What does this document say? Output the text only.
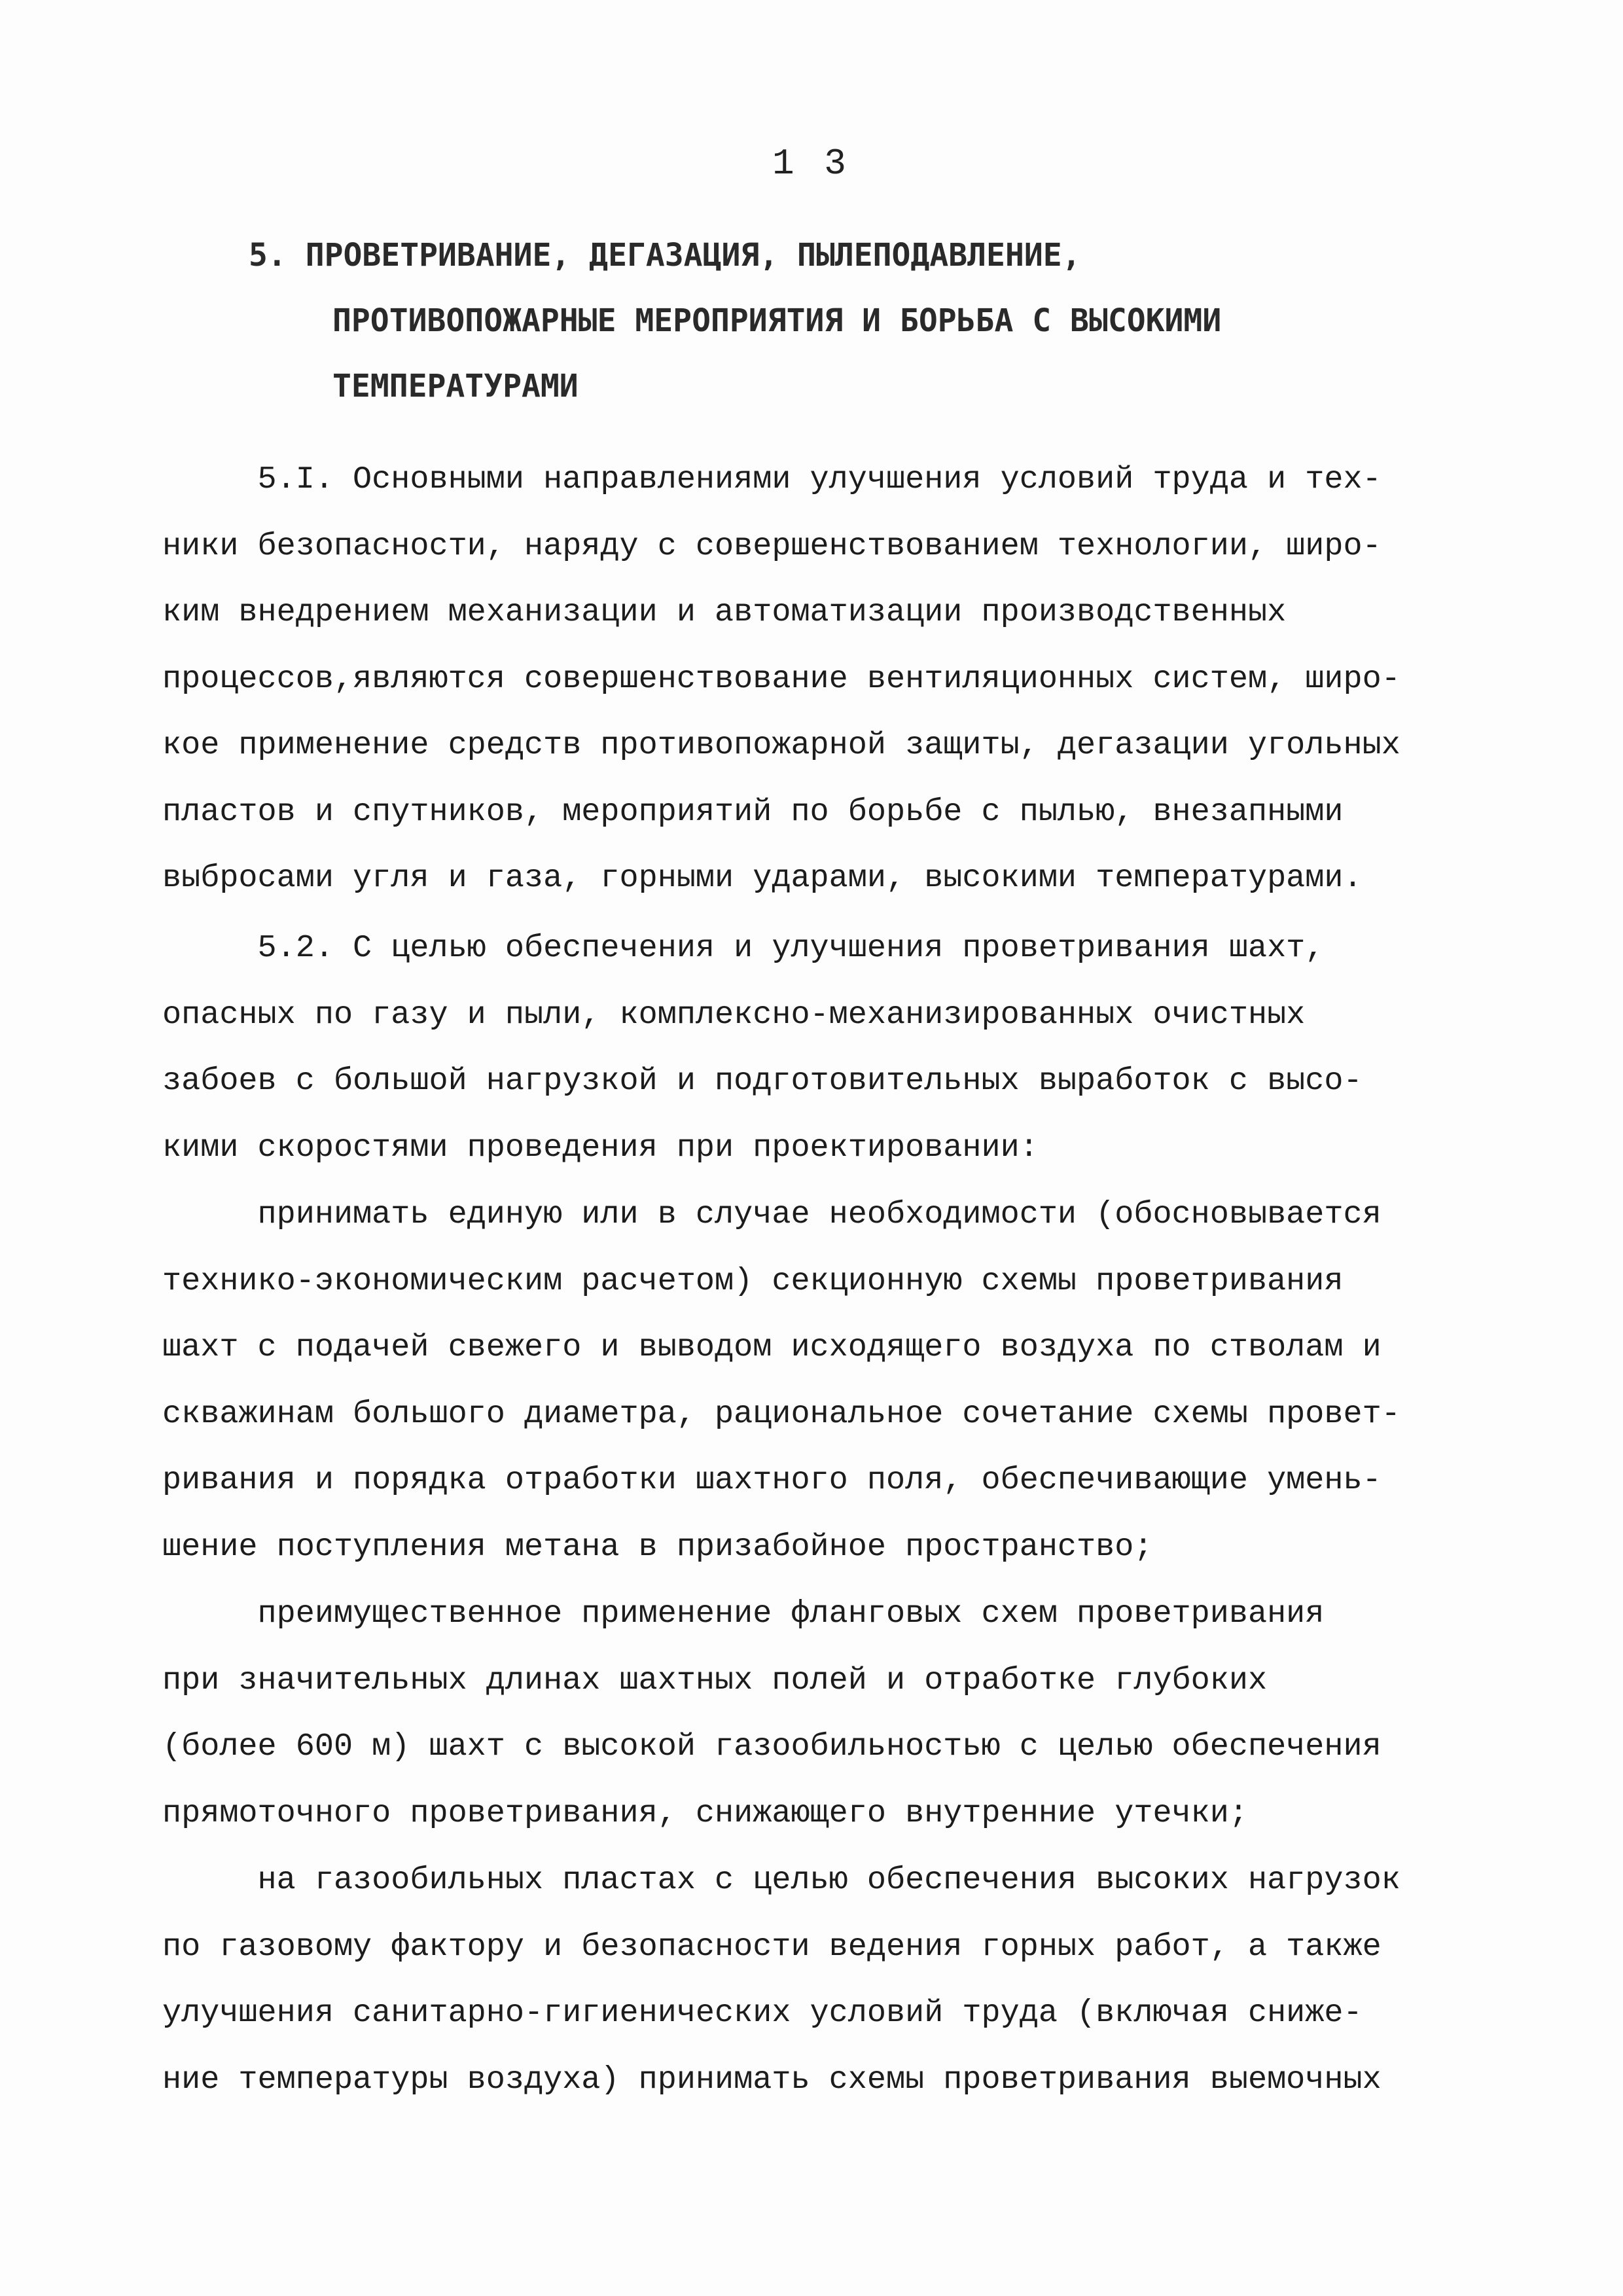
1 3
5. ПРОВЕТРИВАНИЕ, ДЕГАЗАЦИЯ, ПЫЛЕПОДАВЛЕНИЕ,
ПРОТИВОПОЖАРНЫЕ МЕРОПРИЯТИЯ И БОРЬБА С ВЫСОКИМИ
ТЕМПЕРАТУРАМИ
5.I. Основными направлениями улучшения условий труда и тех-
ники безопасности, наряду с совершенствованием технологии, широ-
ким внедрением механизации и автоматизации производственных
процессов,являются совершенствование вентиляционных систем, широ-
кое применение средств противопожарной защиты, дегазации угольных
пластов и спутников, мероприятий по борьбе с пылью, внезапными
выбросами угля и газа, горными ударами, высокими температурами.
5.2. С целью обеспечения и улучшения проветривания шахт,
опасных по газу и пыли, комплексно-механизированных очистных
забоев с большой нагрузкой и подготовительных выработок с высо-
кими скоростями проведения при проектировании:
принимать единую или в случае необходимости (обосновывается
технико-экономическим расчетом) секционную схемы проветривания
шахт с подачей свежего и выводом исходящего воздуха по стволам и
скважинам большого диаметра, рациональное сочетание схемы провет-
ривания и порядка отработки шахтного поля, обеспечивающие умень-
шение поступления метана в призабойное пространство;
преимущественное применение фланговых схем проветривания
при значительных длинах шахтных полей и отработке глубоких
(более 600 м) шахт с высокой газообильностью с целью обеспечения
прямоточного проветривания, снижающего внутренние утечки;
на газообильных пластах с целью обеспечения высоких нагрузок
по газовому фактору и безопасности ведения горных работ, а также
улучшения санитарно-гигиенических условий труда (включая сниже-
ние температуры воздуха) принимать схемы проветривания выемочных
